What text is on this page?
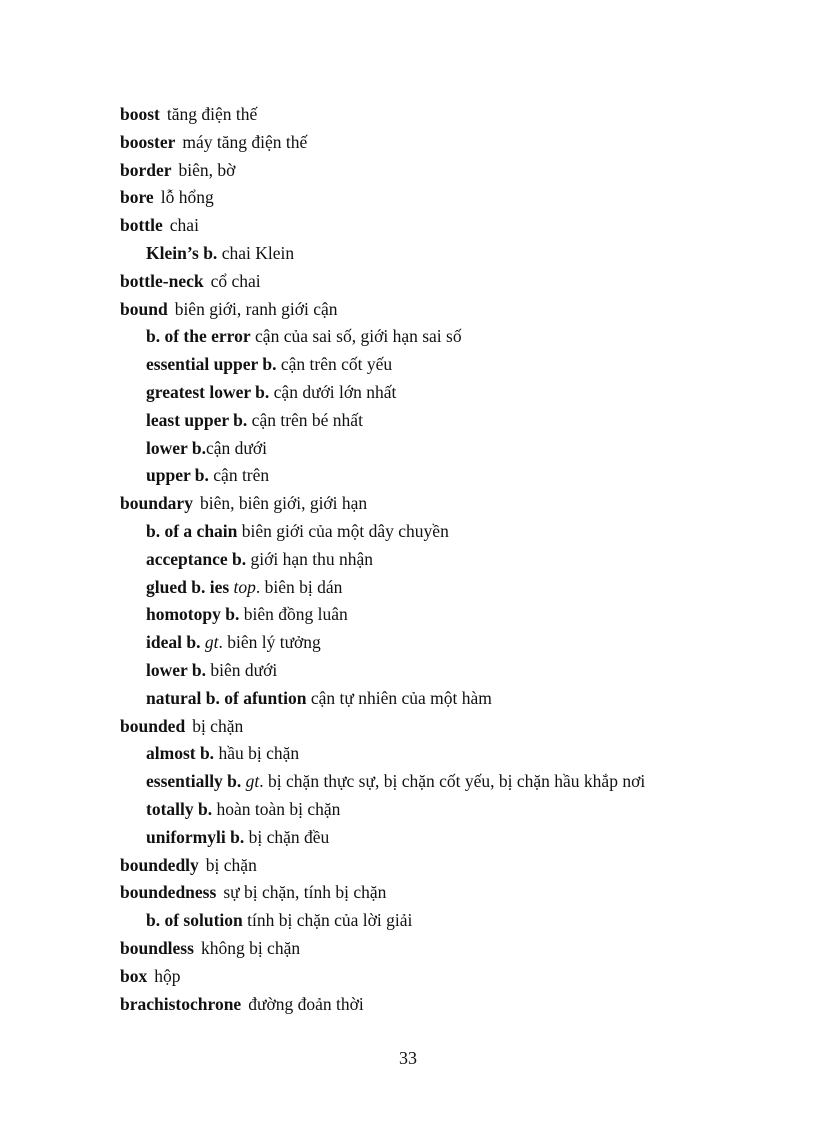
boost tăng điện thế
booster máy tăng điện thế
border biên, bờ
bore lỗ hổng
bottle chai
Klein’s b. chai Klein
bottle-neck cổ chai
bound biên giới, ranh giới cận
b. of the error cận của sai số, giới hạn sai số
essential upper b. cận trên cốt yếu
greatest lower b. cận dưới lớn nhất
least upper b. cận trên bé nhất
lower b.cận dưới
upper b. cận trên
boundary biên, biên giới, giới hạn
b. of a chain biên giới của một dây chuyền
acceptance b. giới hạn thu nhận
glued b. ies top. biên bị dán
homotopy b. biên đồng luân
ideal b. gt. biên lý tưởng
lower b. biên dưới
natural b. of afuntion cận tự nhiên của một hàm
bounded bị chặn
almost b. hầu bị chặn
essentially b. gt. bị chặn thực sự, bị chặn cốt yếu, bị chặn hầu khắp nơi
totally b. hoàn toàn bị chặn
uniformyli b. bị chặn đều
boundedly bị chặn
boundedness sự bị chặn, tính bị chặn
b. of solution tính bị chặn của lời giải
boundless không bị chặn
box hộp
brachistochrone đường đoản thời
33
